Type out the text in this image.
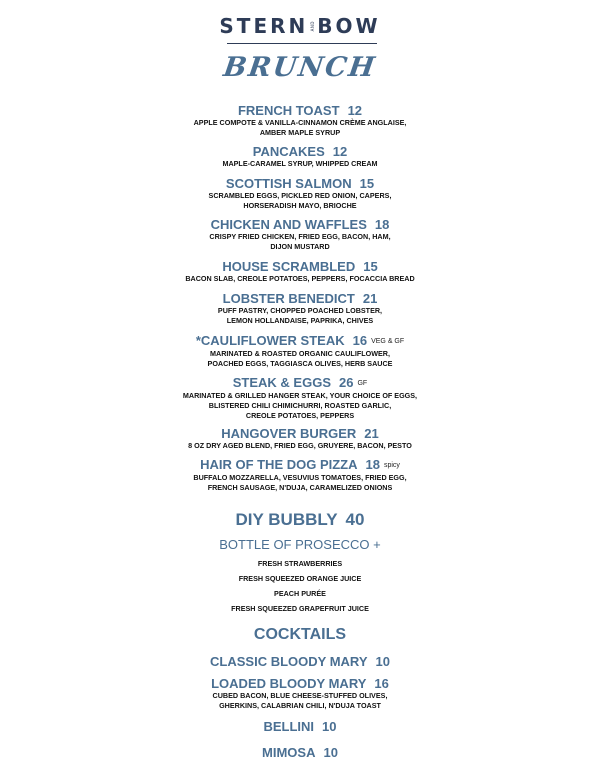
STERN AND BOW
BRUNCH
FRENCH TOAST 12
APPLE COMPOTE & VANILLA-CINNAMON CRÈME ANGLAISE,
AMBER MAPLE SYRUP
PANCAKES 12
MAPLE-CARAMEL SYRUP, WHIPPED CREAM
SCOTTISH SALMON 15
SCRAMBLED EGGS, PICKLED RED ONION, CAPERS,
HORSERADISH MAYO, BRIOCHE
CHICKEN AND WAFFLES 18
CRISPY FRIED CHICKEN, FRIED EGG, BACON, HAM,
DIJON MUSTARD
HOUSE SCRAMBLED 15
BACON SLAB, CREOLE POTATOES, PEPPERS, FOCACCIA BREAD
LOBSTER BENEDICT 21
PUFF PASTRY, CHOPPED POACHED LOBSTER,
LEMON HOLLANDAISE, PAPRIKA, CHIVES
*CAULIFLOWER STEAK 16 VEG & GF
MARINATED & ROASTED ORGANIC CAULIFLOWER,
POACHED EGGS, TAGGIASCA OLIVES, HERB SAUCE
STEAK & EGGS 26 GF
MARINATED & GRILLED HANGER STEAK, YOUR CHOICE OF EGGS,
BLISTERED CHILI CHIMICHURRI, ROASTED GARLIC,
CREOLE POTATOES, PEPPERS
HANGOVER BURGER 21
8 OZ DRY AGED BLEND, FRIED EGG, GRUYERE, BACON, PESTO
HAIR OF THE DOG PIZZA 18 spicy
BUFFALO MOZZARELLA, VESUVIUS TOMATOES, FRIED EGG,
FRENCH SAUSAGE, N'DUJA, CARAMELIZED ONIONS
DIY BUBBLY 40
BOTTLE OF PROSECCO +
FRESH STRAWBERRIES
FRESH SQUEEZED ORANGE JUICE
PEACH PURÉE
FRESH SQUEEZED GRAPEFRUIT JUICE
COCKTAILS
CLASSIC BLOODY MARY 10
LOADED BLOODY MARY 16
CUBED BACON, BLUE CHEESE-STUFFED OLIVES,
GHERKINS, CALABRIAN CHILI, N'DUJA TOAST
BELLINI 10
MIMOSA 10
